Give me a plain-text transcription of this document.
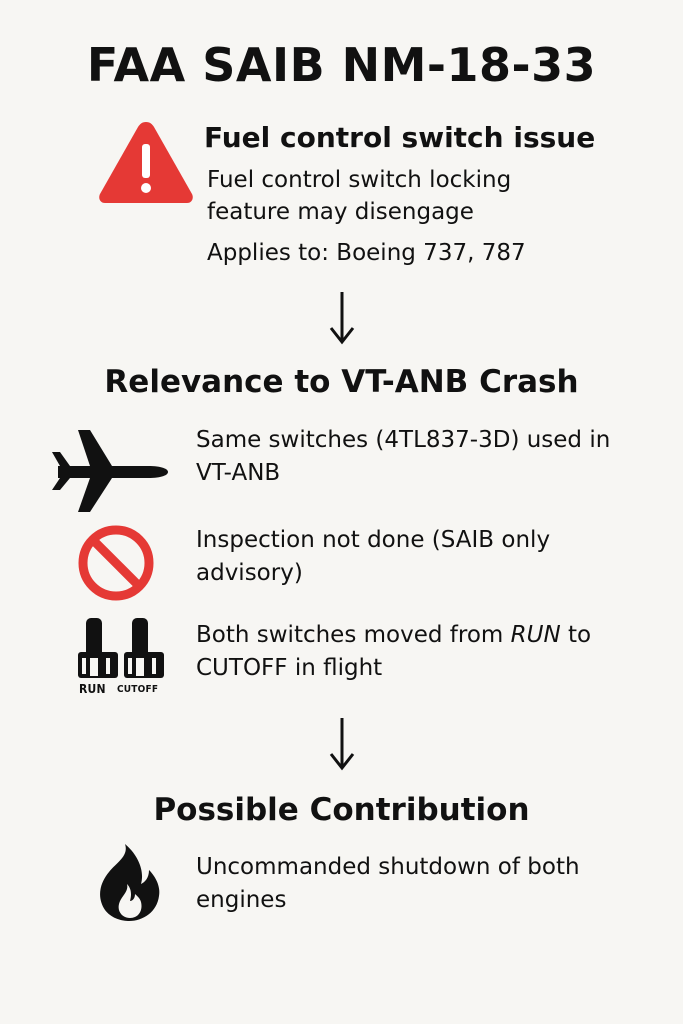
FAA SAIB NM-18-33
Fuel control switch issue
Fuel control switch locking feature may disengage
Applies to: Boeing 737, 787
Relevance to VT-ANB Crash
Same switches (4TL837-3D) used in VT-ANB
Inspection not done (SAIB only advisory)
RUN CUTOFF
Both switches moved from RUN to CUTOFF in flight
Possible Contribution
Uncommanded shutdown of both engines
